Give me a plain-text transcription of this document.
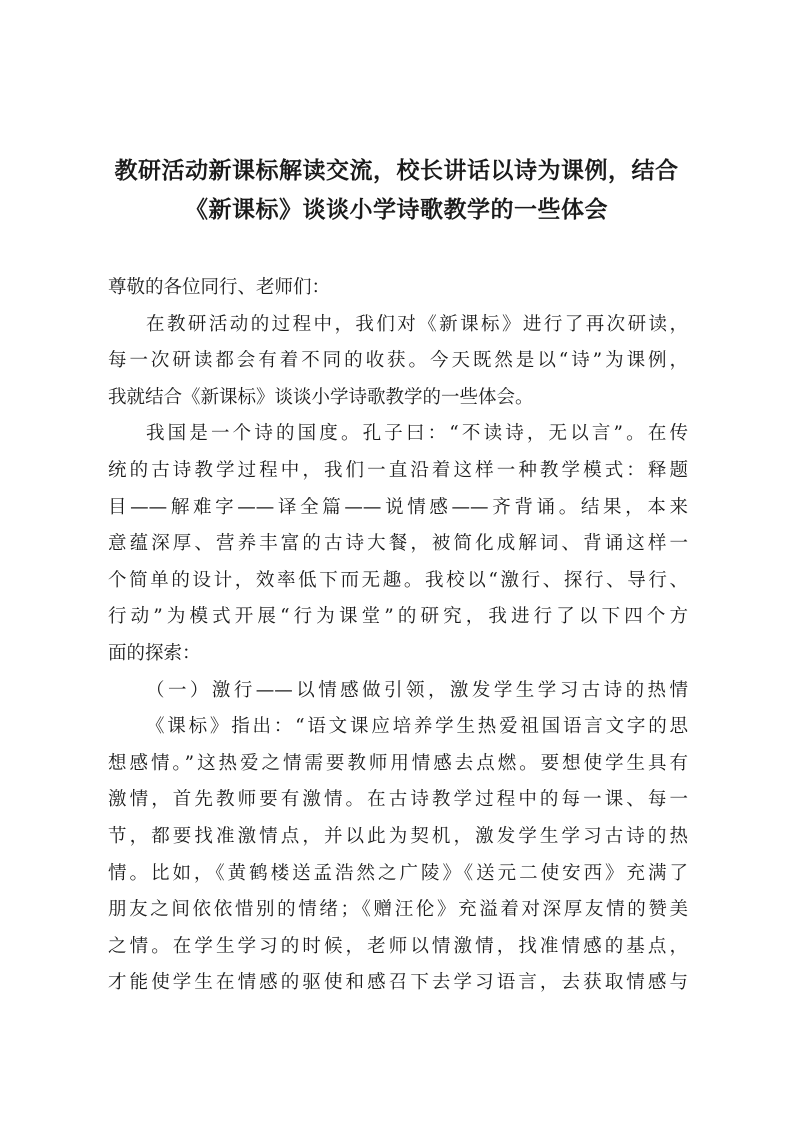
教研活动新课标解读交流，校长讲话以诗为课例，结合
《新课标》谈谈小学诗歌教学的一些体会
尊敬的各位同行、老师们：
在教研活动的过程中，我们对《新课标》进行了再次研读，
每一次研读都会有着不同的收获。今天既然是以“诗”为课例，
我就结合《新课标》谈谈小学诗歌教学的一些体会。
我国是一个诗的国度。孔子曰：“不读诗，无以言”。在传
统的古诗教学过程中，我们一直沿着这样一种教学模式：释题
目——解难字——译全篇——说情感——齐背诵。结果，本来
意蕴深厚、营养丰富的古诗大餐，被简化成解词、背诵这样一
个简单的设计，效率低下而无趣。我校以“激行、探行、导行、
行动”为模式开展“行为课堂”的研究，我进行了以下四个方
面的探索：
（一）激行——以情感做引领，激发学生学习古诗的热情
《课标》指出：“语文课应培养学生热爱祖国语言文字的思
想感情。”这热爱之情需要教师用情感去点燃。要想使学生具有
激情，首先教师要有激情。在古诗教学过程中的每一课、每一
节，都要找准激情点，并以此为契机，激发学生学习古诗的热
情。比如，《黄鹤楼送孟浩然之广陵》《送元二使安西》充满了
朋友之间依依惜别的情绪；《赠汪伦》充溢着对深厚友情的赞美
之情。在学生学习的时候，老师以情激情，找准情感的基点，
才能使学生在情感的驱使和感召下去学习语言，去获取情感与
